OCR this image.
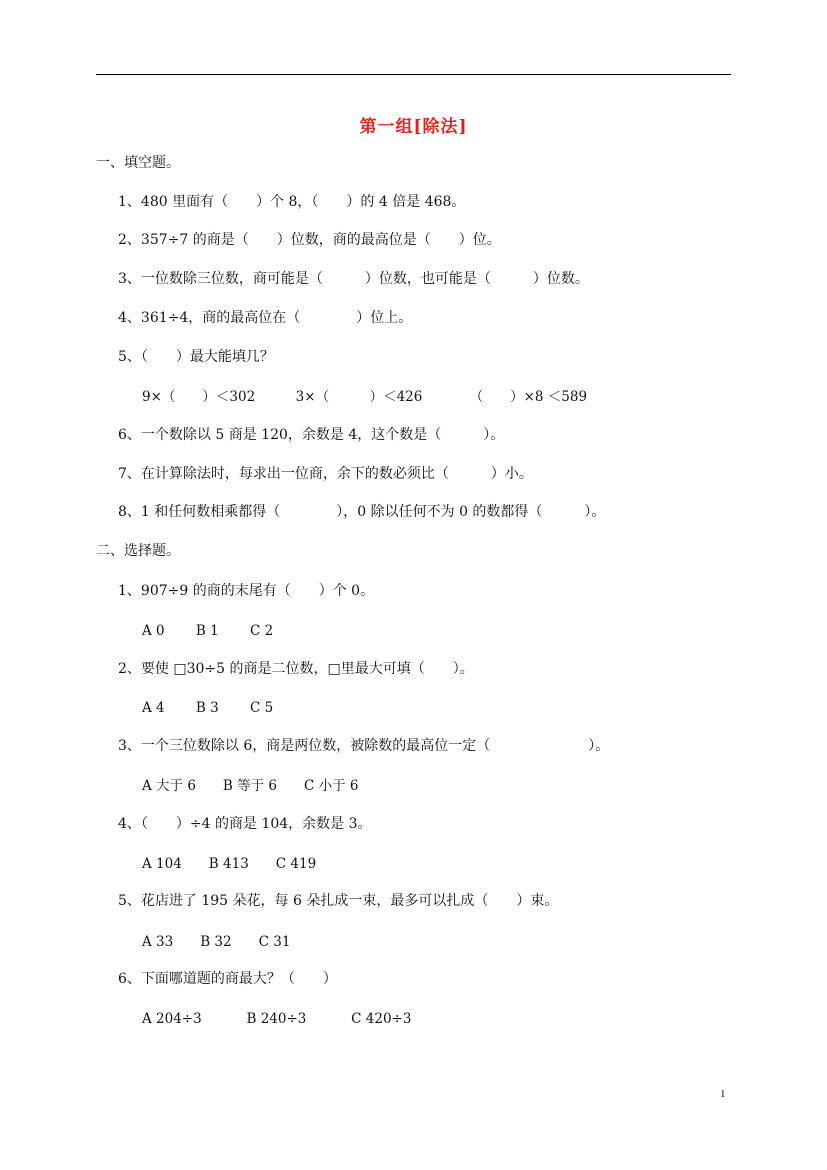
第一组[除法]
一、填空题。
1、480 里面有（　　）个 8，（　　）的 4 倍是 468。
2、357÷7 的商是（　　）位数，商的最高位是（　　）位。
3、一位数除三位数，商可能是（　　　）位数，也可能是（　　　）位数。
4、361÷4，商的最高位在（　　　　）位上。
5、（　　）最大能填几？
9×（　　）＜302　　　3×（　　　）＜426　　　　（　　）×8 ＜589
6、一个数除以 5 商是 120，余数是 4，这个数是（　　　）。
7、在计算除法时，每求出一位商，余下的数必须比（　　　）小。
8、1 和任何数相乘都得（　　　　），0 除以任何不为 0 的数都得（　　　）。
二、选择题。
1、907÷9 的商的末尾有（　　）个 0。
A 0　　 B 1　　 C 2
2、要使 □30÷5 的商是二位数，□里最大可填（　　）。
A 4　　 B 3　　 C 5
3、一个三位数除以 6，商是两位数，被除数的最高位一定（　　　　　　　）。
A 大于 6　　B 等于 6　　C 小于 6
4、（　　）÷4 的商是 104，余数是 3。
A 104　　B 413　　C 419
5、花店进了 195 朵花，每 6 朵扎成一束，最多可以扎成（　　）束。
A 33　　B 32　　C 31
6、下面哪道题的商最大？（　　）
A 204÷3　　　 B 240÷3　　　 C 420÷3
1
